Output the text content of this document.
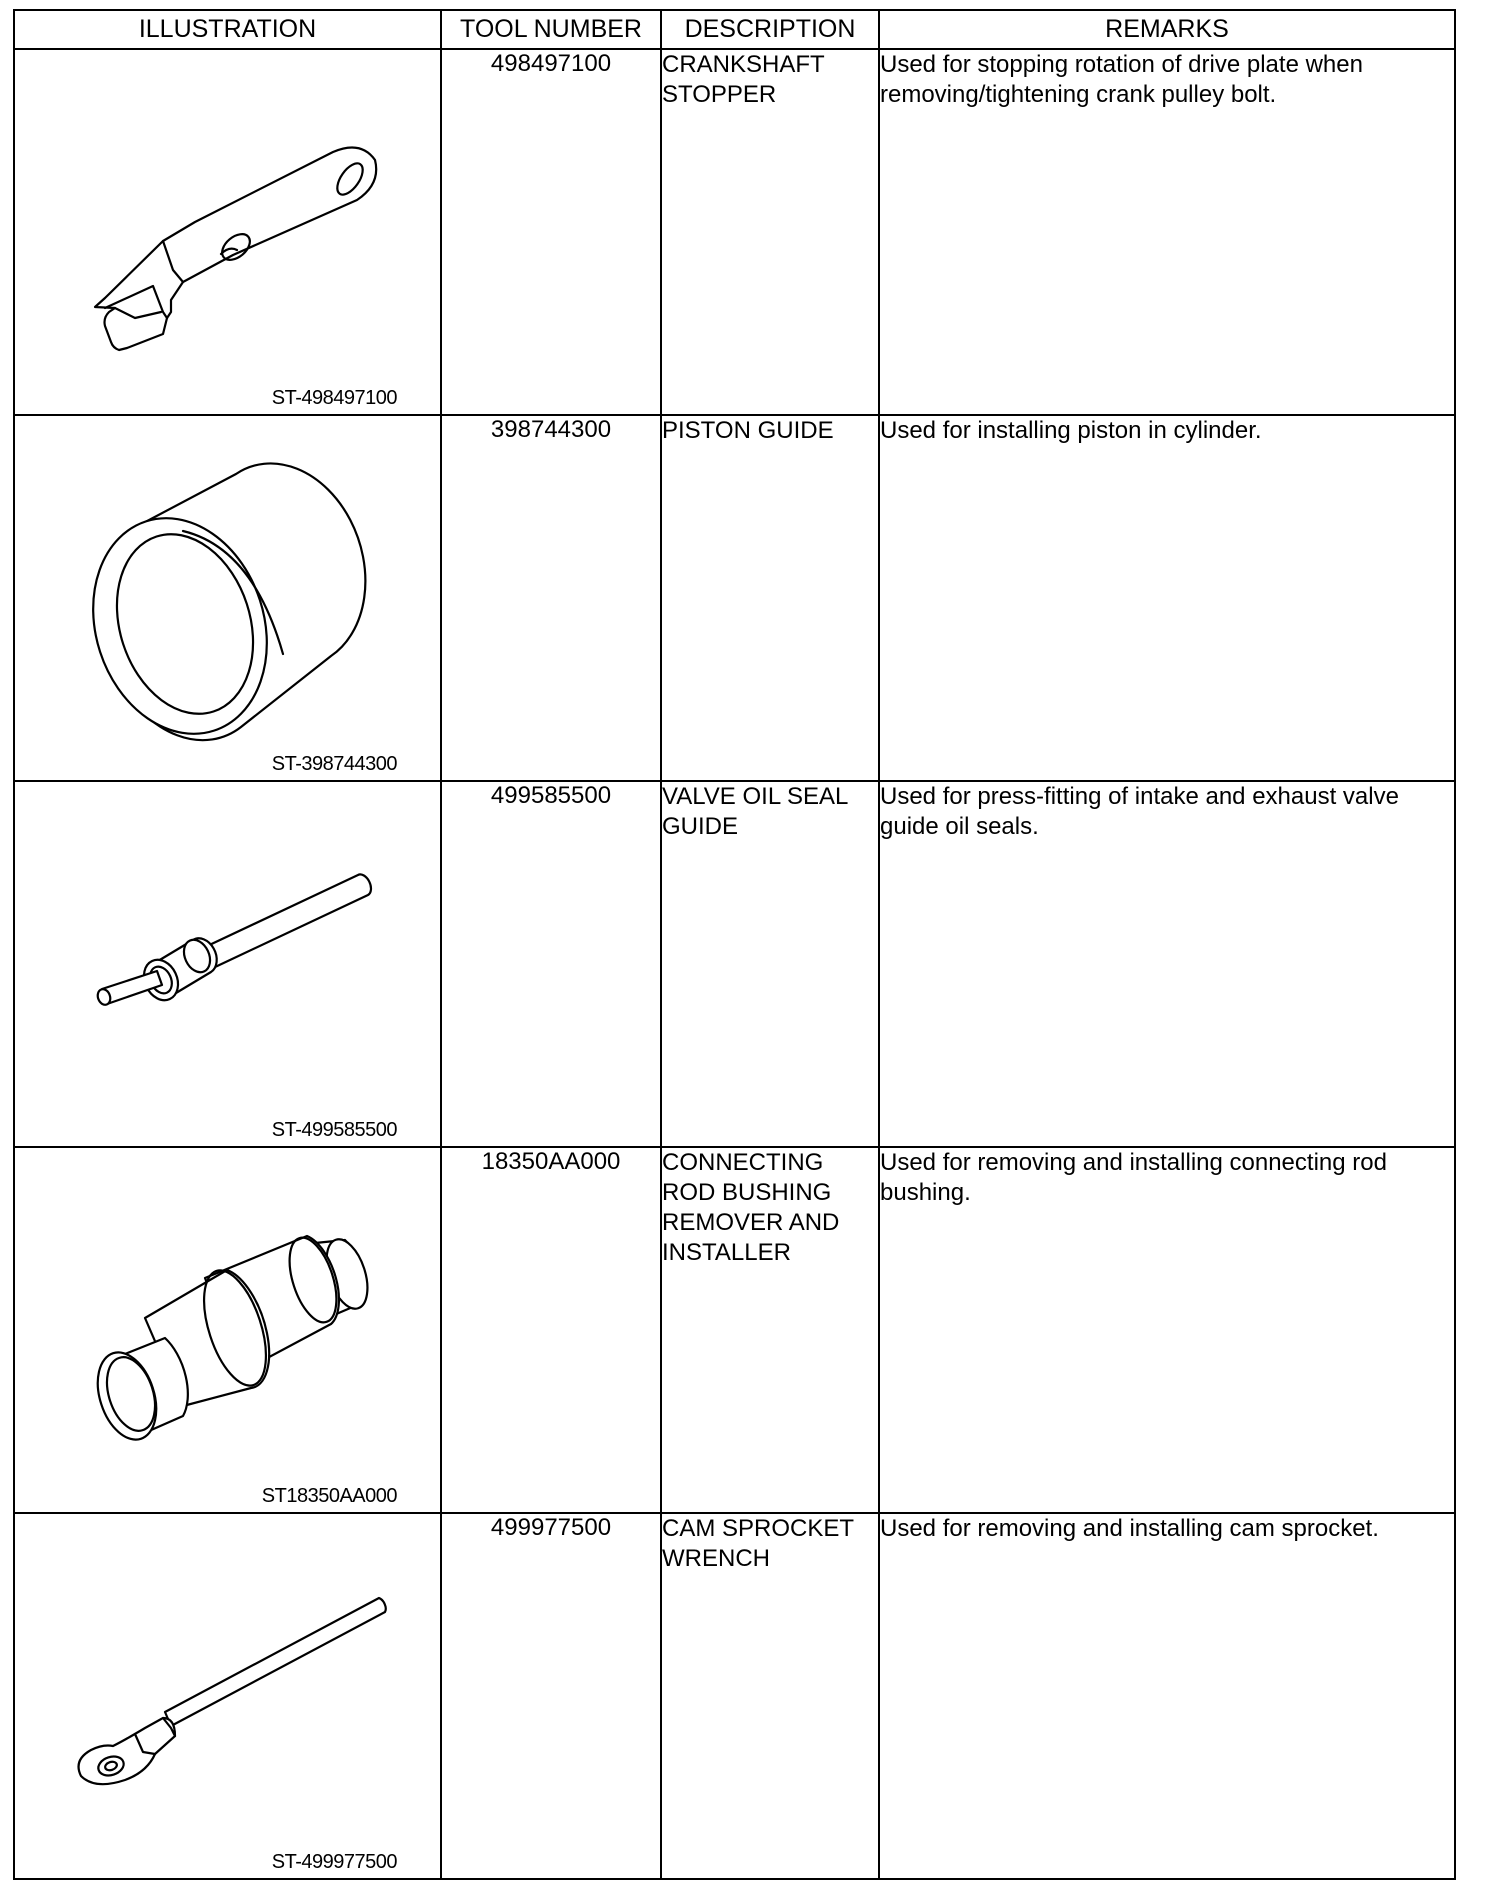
ILLUSTRATION	TOOL NUMBER	DESCRIPTION	REMARKS

ST-498497100	498497100	CRANKSHAFT STOPPER	Used for stopping rotation of drive plate when removing/tightening crank pulley bolt.

ST-398744300	398744300	PISTON GUIDE	Used for installing piston in cylinder.

ST-499585500	499585500	VALVE OIL SEAL GUIDE	Used for press-fitting of intake and exhaust valve guide oil seals.

ST18350AA000	18350AA000	CONNECTING ROD BUSHING REMOVER AND INSTALLER	Used for removing and installing connecting rod bushing.

ST-499977500	499977500	CAM SPROCKET WRENCH	Used for removing and installing cam sprocket.
